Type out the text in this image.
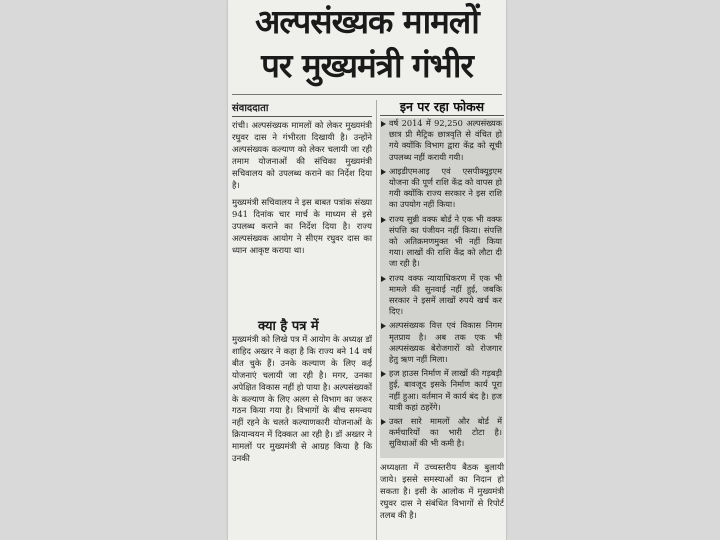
अल्पसंख्यक मामलों
पर मुख्यमंत्री गंभीर
संवाददाता

रांची। अल्पसंख्यक मामलों को लेकर मुख्यमंत्री रघुवर दास ने गंभीरता दिखायी है। उन्होंने अल्पसंख्यक कल्याण को लेकर चलायी जा रही तमाम योजनाओं की संचिका मुख्यमंत्री सचिवालय को उपलब्ध कराने का निर्देश दिया है।

मुख्यमंत्री सचिवालय ने इस बाबत पत्रांक संख्या 941 दिनांक चार मार्च के माध्यम से इसे उपलब्ध कराने का निर्देश दिया है। राज्य अल्पसंख्यक आयोग ने सीएम रघुवर दास का ध्यान आकृष्ट कराया था।

क्या है पत्र में

मुख्यमंत्री को लिखे पत्र में आयोग के अध्यक्ष डॉ शाहिद अख्तर ने कहा है कि राज्य बने 14 वर्ष बीत चुके हैं। उनके कल्याण के लिए कई योजनाएं चलायी जा रही है। मगर, उनका अपेक्षित विकास नहीं हो पाया है। अल्पसंख्यकों के कल्याण के लिए अलग से विभाग का जरूर गठन किया गया है। विभागों के बीच समन्वय नहीं रहने के चलते कल्याणकारी योजनाओं के क्रियान्वयन में दिक्कत आ रही है। डॉ अख्तर ने मामलों पर मुख्यमंत्री से आग्रह किया है कि उनकी

इन पर रहा फोकस
वर्ष 2014 में 92,250 अल्पसंख्यक छात्र प्री मैट्रिक छात्रवृति से वंचित हो गये क्योंकि विभाग द्वारा केंद्र को सूची उपलब्ध नहीं करायी गयी।
आइडीएमआइ एवं एसपीक्यूइएम योजना की पूर्ण राशि केंद्र को वापस हो गयी क्योंकि राज्य सरकार ने इस राशि का उपयोग नहीं किया।
राज्य सुन्नी वक्फ बोर्ड ने एक भी वक्फ संपत्ति का पंजीयन नहीं किया। संपत्ति को अतिक्रमणमुक्त भी नहीं किया गया। लाखों की राशि केंद्र को लौटा दी जा रही है।
राज्य वक्फ न्यायाधिकरण में एक भी मामले की सुनवाई नहीं हुई, जबकि सरकार ने इसमें लाखों रुपये खर्च कर दिए।
अल्पसंख्यक वित्त एवं विकास निगम मृतप्राय है। अब तक एक भी अल्पसंख्यक बेरोजगारों को रोजगार हेतु ऋण नहीं मिला।
हज हाउस निर्माण में लाखों की गड़बड़ी हुई, बावजूद इसके निर्माण कार्य पूरा नहीं हुआ। वर्तमान में कार्य बंद है। हज यात्री कहां ठहरेंगे।
उक्त सारे मामलों और बोर्ड में कर्मचारियों का भारी टोटा है। सुविधाओं की भी कमी है।

अध्यक्षता में उच्चस्तरीय बैठक बुलायी जाये। इससे समस्याओं का निदान हो सकता है। इसी के आलोक में मुख्यमंत्री रघुवर दास ने संबंधित विभागों से रिपोर्ट तलब की है।
